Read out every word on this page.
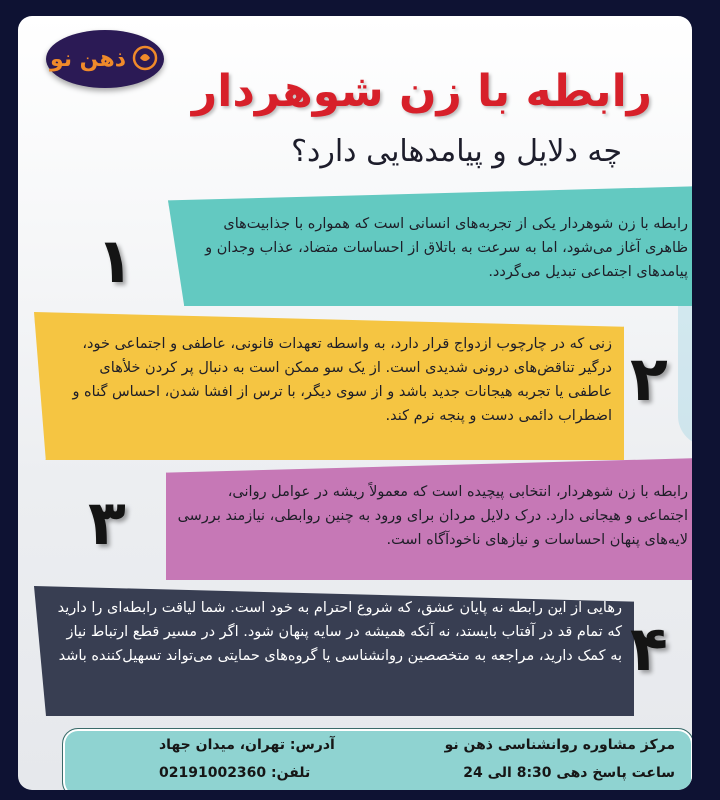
ذهن نو
رابطه با زن شوهردار
چه دلایل و پیامدهایی دارد؟
رابطه با زن شوهردار یکی از تجربه‌های انسانی است که همواره با جذابیت‌های ظاهری آغاز می‌شود، اما به سرعت به باتلاق از احساسات متضاد، عذاب وجدان و پیامدهای اجتماعی تبدیل می‌گردد.
۱
زنی که در چارچوب ازدواج قرار دارد، به واسطه تعهدات قانونی، عاطفی و اجتماعی خود، درگیر تناقض‌های درونی شدیدی است. از یک سو ممکن است به دنبال پر کردن خلأهای عاطفی یا تجربه هیجانات جدید باشد و از سوی دیگر، با ترس از افشا شدن، احساس گناه و اضطراب دائمی دست و پنجه نرم کند.
۲
رابطه با زن شوهردار، انتخابی پیچیده است که معمولاً ریشه در عوامل روانی، اجتماعی و هیجانی دارد. درک دلایل مردان برای ورود به چنین روابطی، نیازمند بررسی لایه‌های پنهان احساسات و نیازهای ناخودآگاه است.
۳
رهایی از این رابطه نه پایان عشق، که شروع احترام به خود است. شما لیاقت رابطه‌ای را دارید که تمام قد در آفتاب بایستد، نه آنکه همیشه در سایه پنهان شود. اگر در مسیر قطع ارتباط نیاز به کمک دارید، مراجعه به متخصصین روانشناسی یا گروه‌های حمایتی می‌تواند تسهیل‌کننده باشد ۴
مرکز مشاوره روانشناسی ذهن نو
ساعت پاسخ دهی 8:30 الی 24
آدرس: تهران، میدان جهاد
تلفن: 02191002360
